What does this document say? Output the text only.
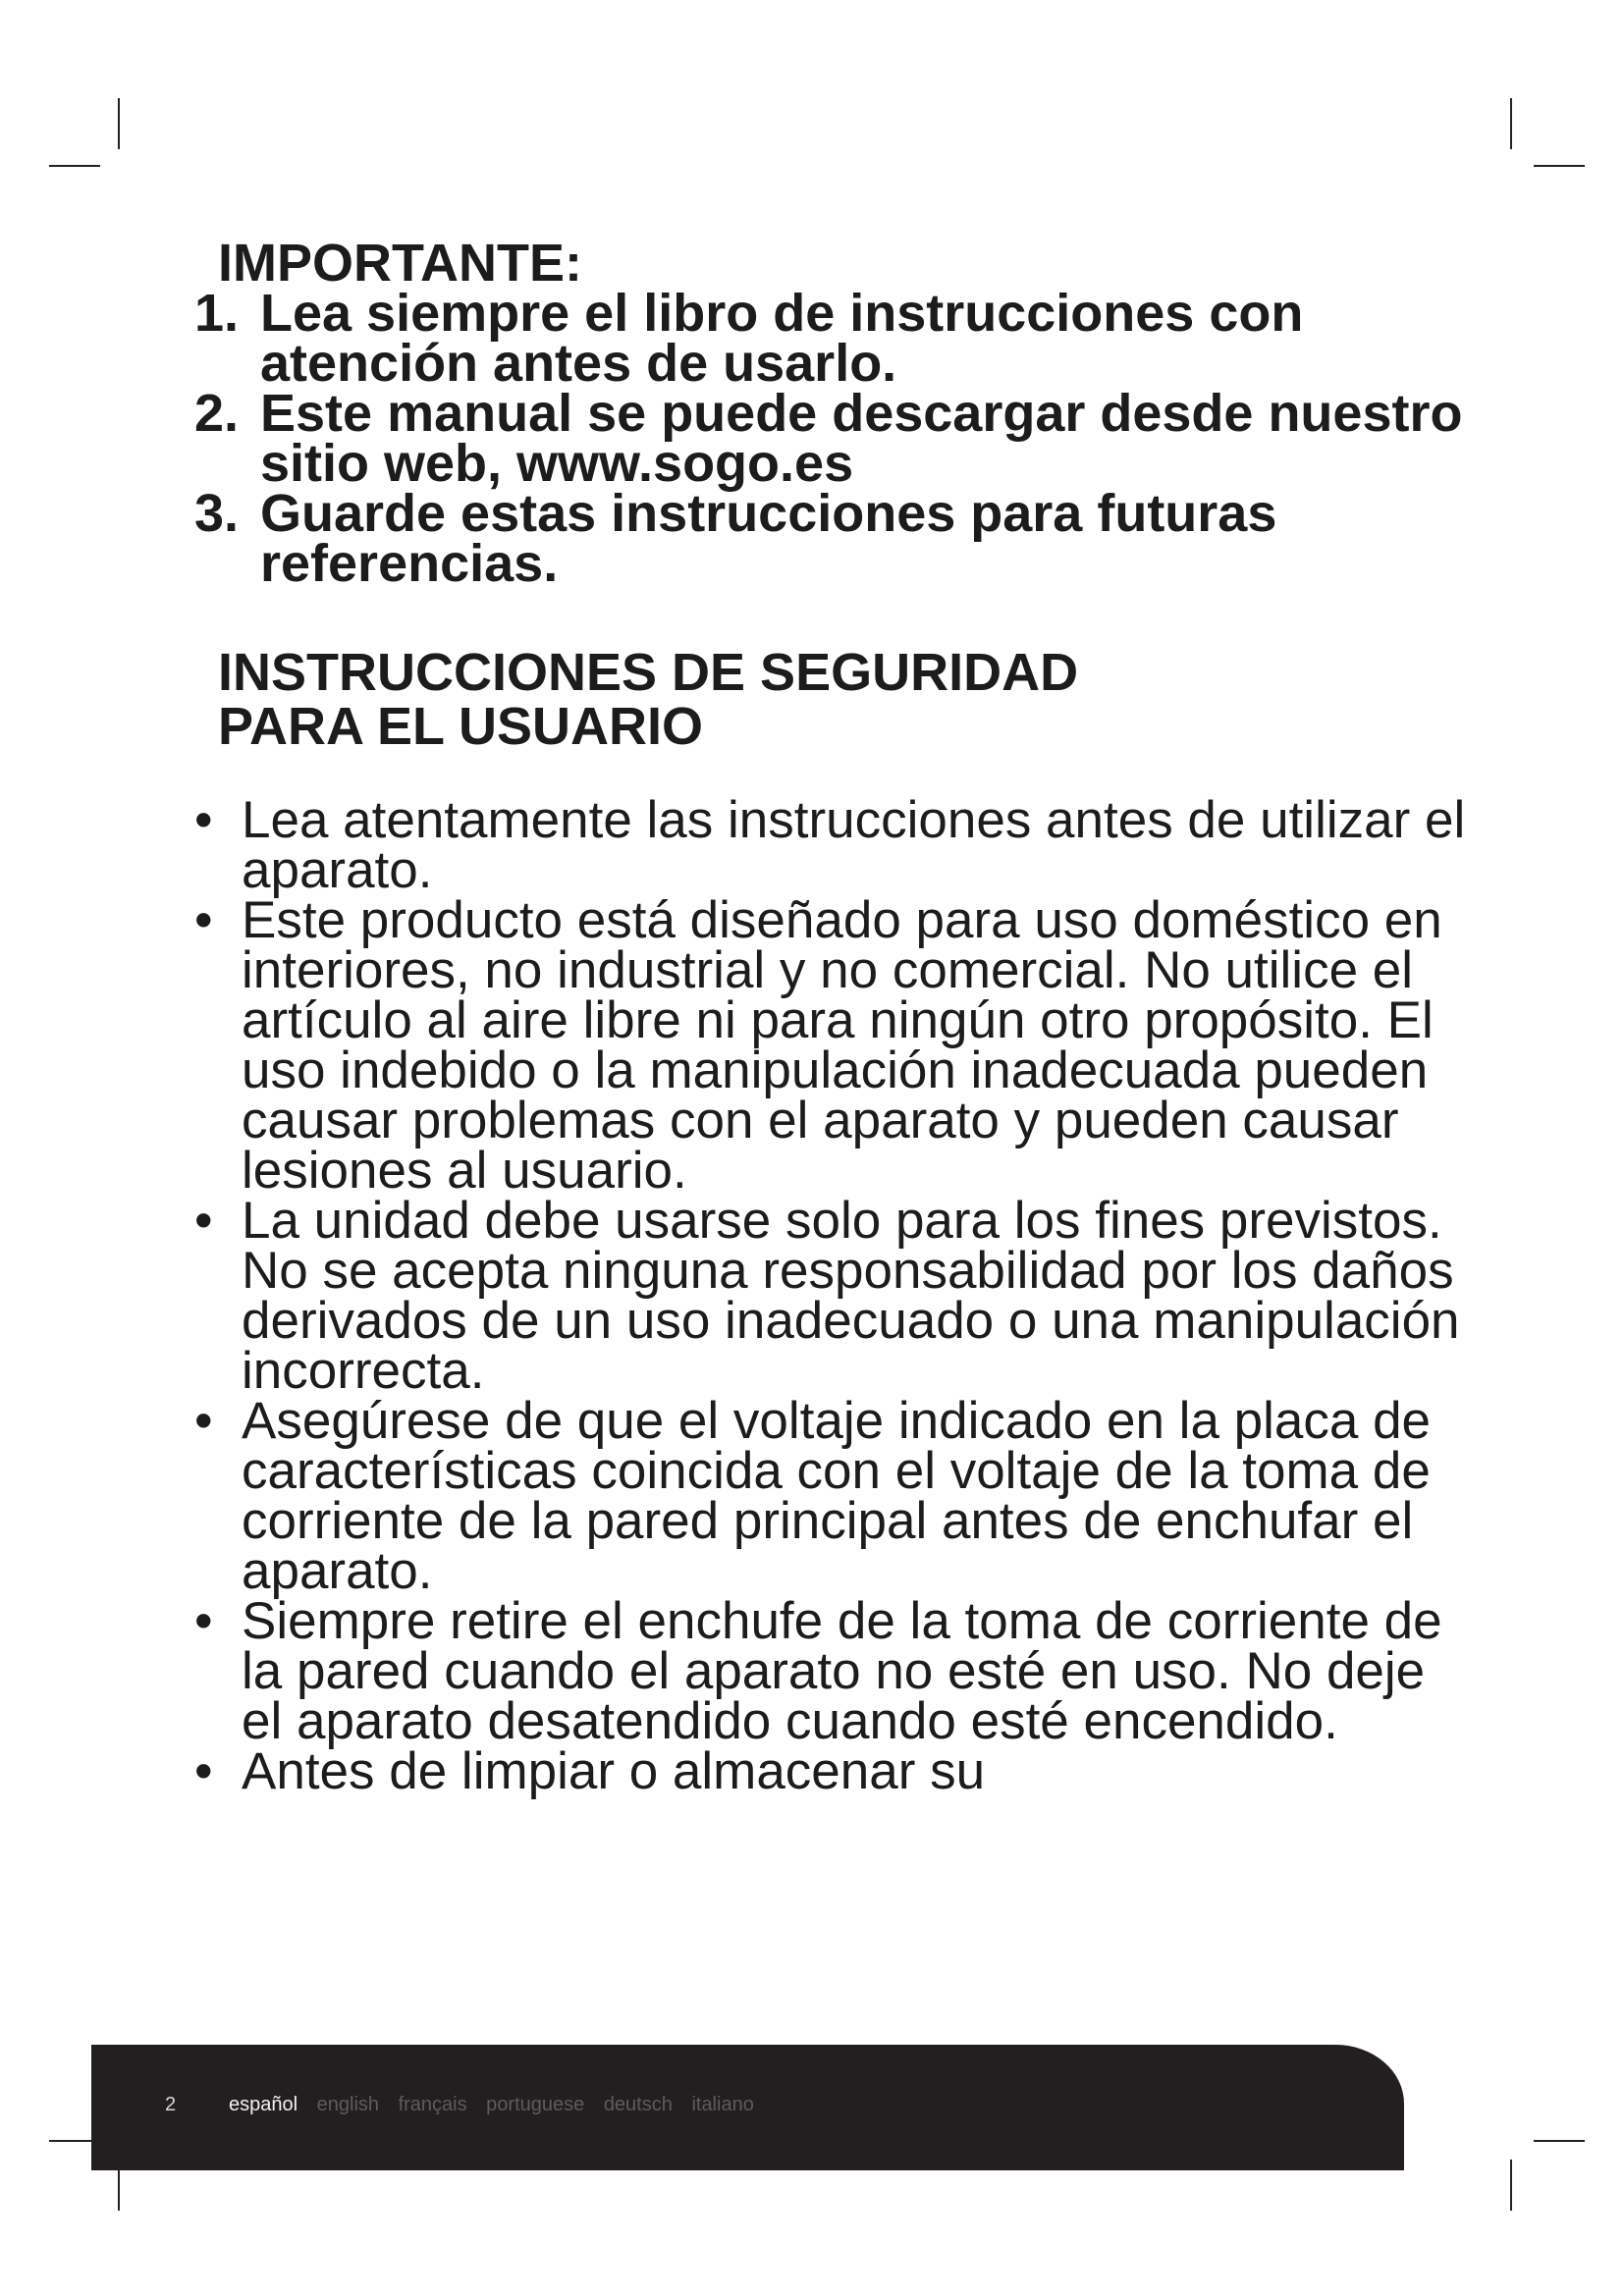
IMPORTANTE:
1. Lea siempre el libro de instrucciones con atención antes de usarlo.
2. Este manual se puede descargar desde nuestro sitio web, www.sogo.es
3. Guarde estas instrucciones para futuras referencias.
INSTRUCCIONES DE SEGURIDAD
PARA EL USUARIO
• Lea atentamente las instrucciones antes de utilizar el aparato.
• Este producto está diseñado para uso doméstico en interiores, no industrial y no comercial. No utilice el artículo al aire libre ni para ningún otro propósito. El uso indebido o la manipulación inadecuada pueden causar problemas con el aparato y pueden causar lesiones al usuario.
• La unidad debe usarse solo para los fines previstos. No se acepta ninguna responsabilidad por los daños derivados de un uso inadecuado o una manipulación incorrecta.
• Asegúrese de que el voltaje indicado en la placa de características coincida con el voltaje de la toma de corriente de la pared principal antes de enchufar el aparato.
• Siempre retire el enchufe de la toma de corriente de la pared cuando el aparato no esté en uso. No deje el aparato desatendido cuando esté encendido.
• Antes de limpiar o almacenar su
2	español english français portuguese deutsch italiano
